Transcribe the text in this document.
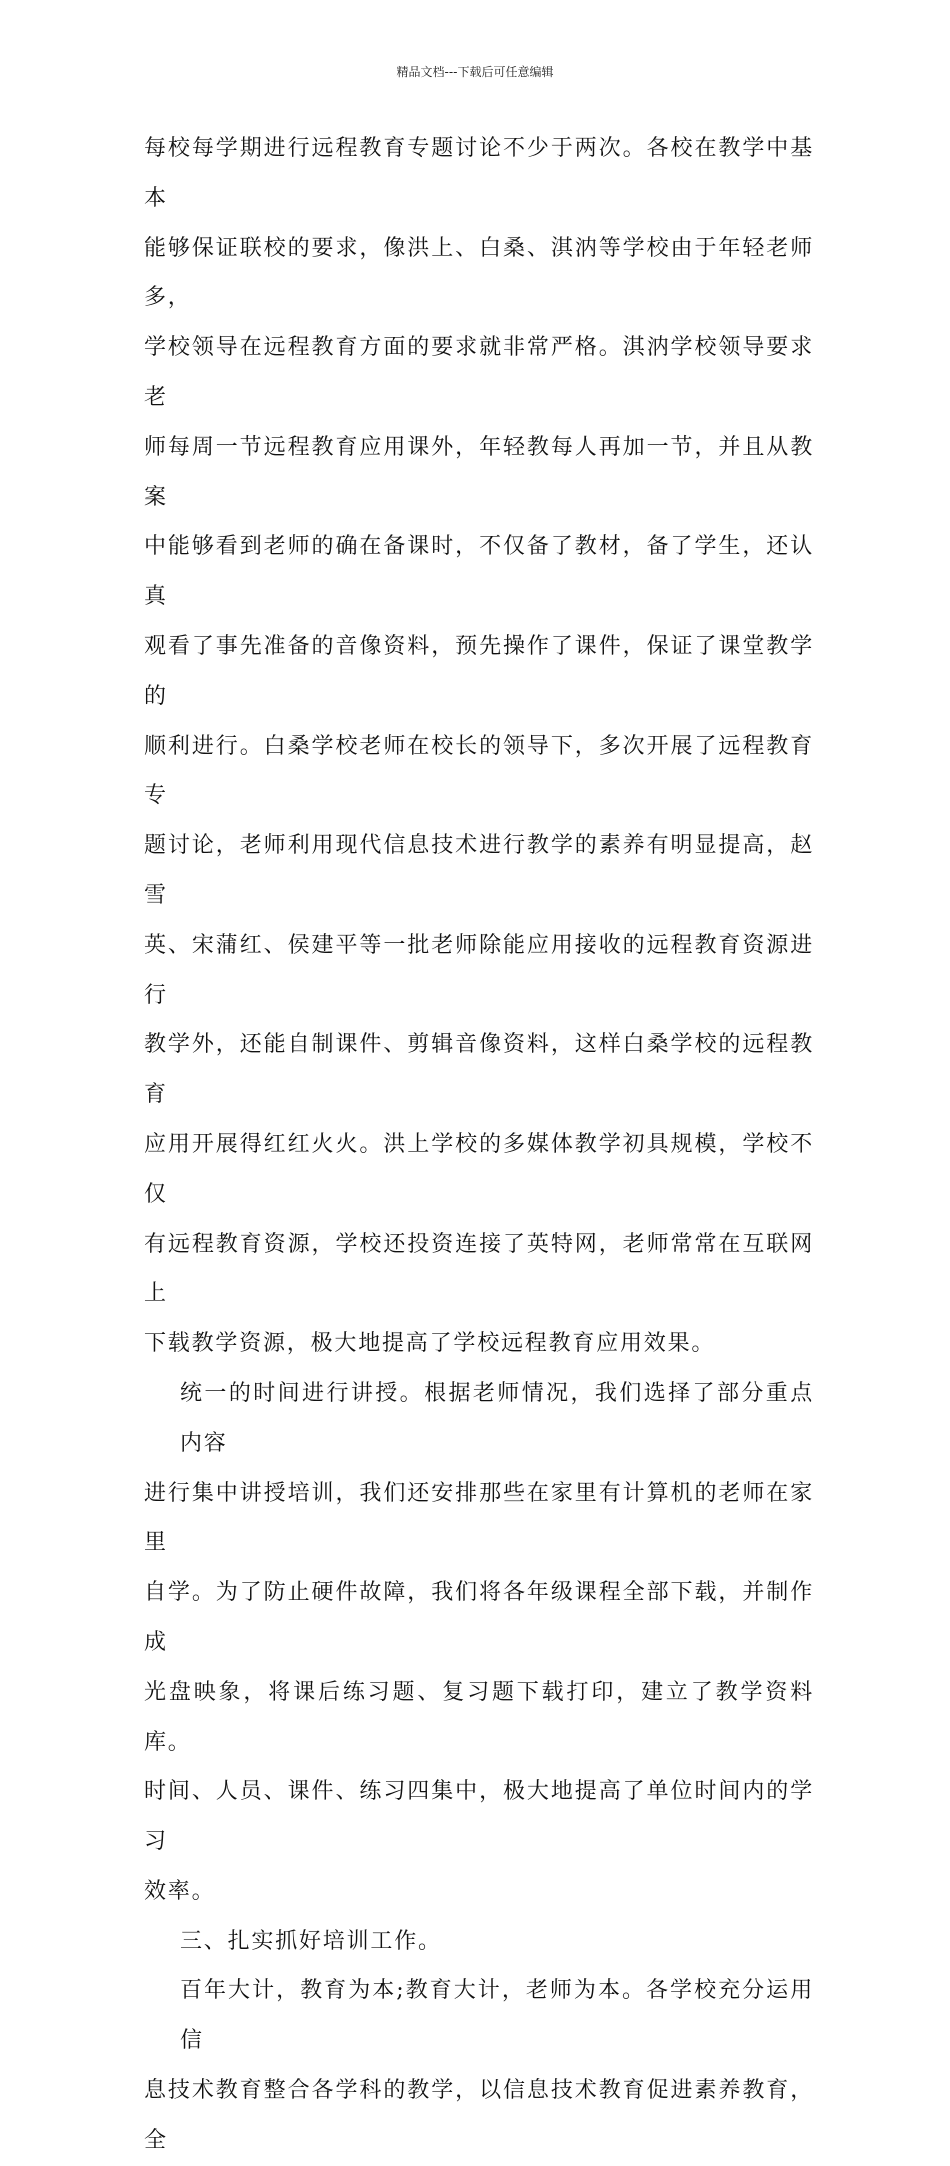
精品文档---下载后可任意编辑

每校每学期进行远程教育专题讨论不少于两次。各校在教学中基本
能够保证联校的要求，像洪上、白桑、淇汭等学校由于年轻老师多，
学校领导在远程教育方面的要求就非常严格。淇汭学校领导要求老
师每周一节远程教育应用课外，年轻教每人再加一节，并且从教案
中能够看到老师的确在备课时，不仅备了教材，备了学生，还认真
观看了事先准备的音像资料，预先操作了课件，保证了课堂教学的
顺利进行。白桑学校老师在校长的领导下，多次开展了远程教育专
题讨论，老师利用现代信息技术进行教学的素养有明显提高，赵雪
英、宋蒲红、侯建平等一批老师除能应用接收的远程教育资源进行
教学外，还能自制课件、剪辑音像资料，这样白桑学校的远程教育
应用开展得红红火火。洪上学校的多媒体教学初具规模，学校不仅
有远程教育资源，学校还投资连接了英特网，老师常常在互联网上
下载教学资源，极大地提高了学校远程教育应用效果。

统一的时间进行讲授。根据老师情况，我们选择了部分重点内容
进行集中讲授培训，我们还安排那些在家里有计算机的老师在家里
自学。为了防止硬件故障，我们将各年级课程全部下载，并制作成
光盘映象，将课后练习题、复习题下载打印，建立了教学资料库。
时间、人员、课件、练习四集中，极大地提高了单位时间内的学习
效率。

三、扎实抓好培训工作。

百年大计，教育为本;教育大计，老师为本。各学校充分运用信
息技术教育整合各学科的教学，以信息技术教育促进素养教育，全
